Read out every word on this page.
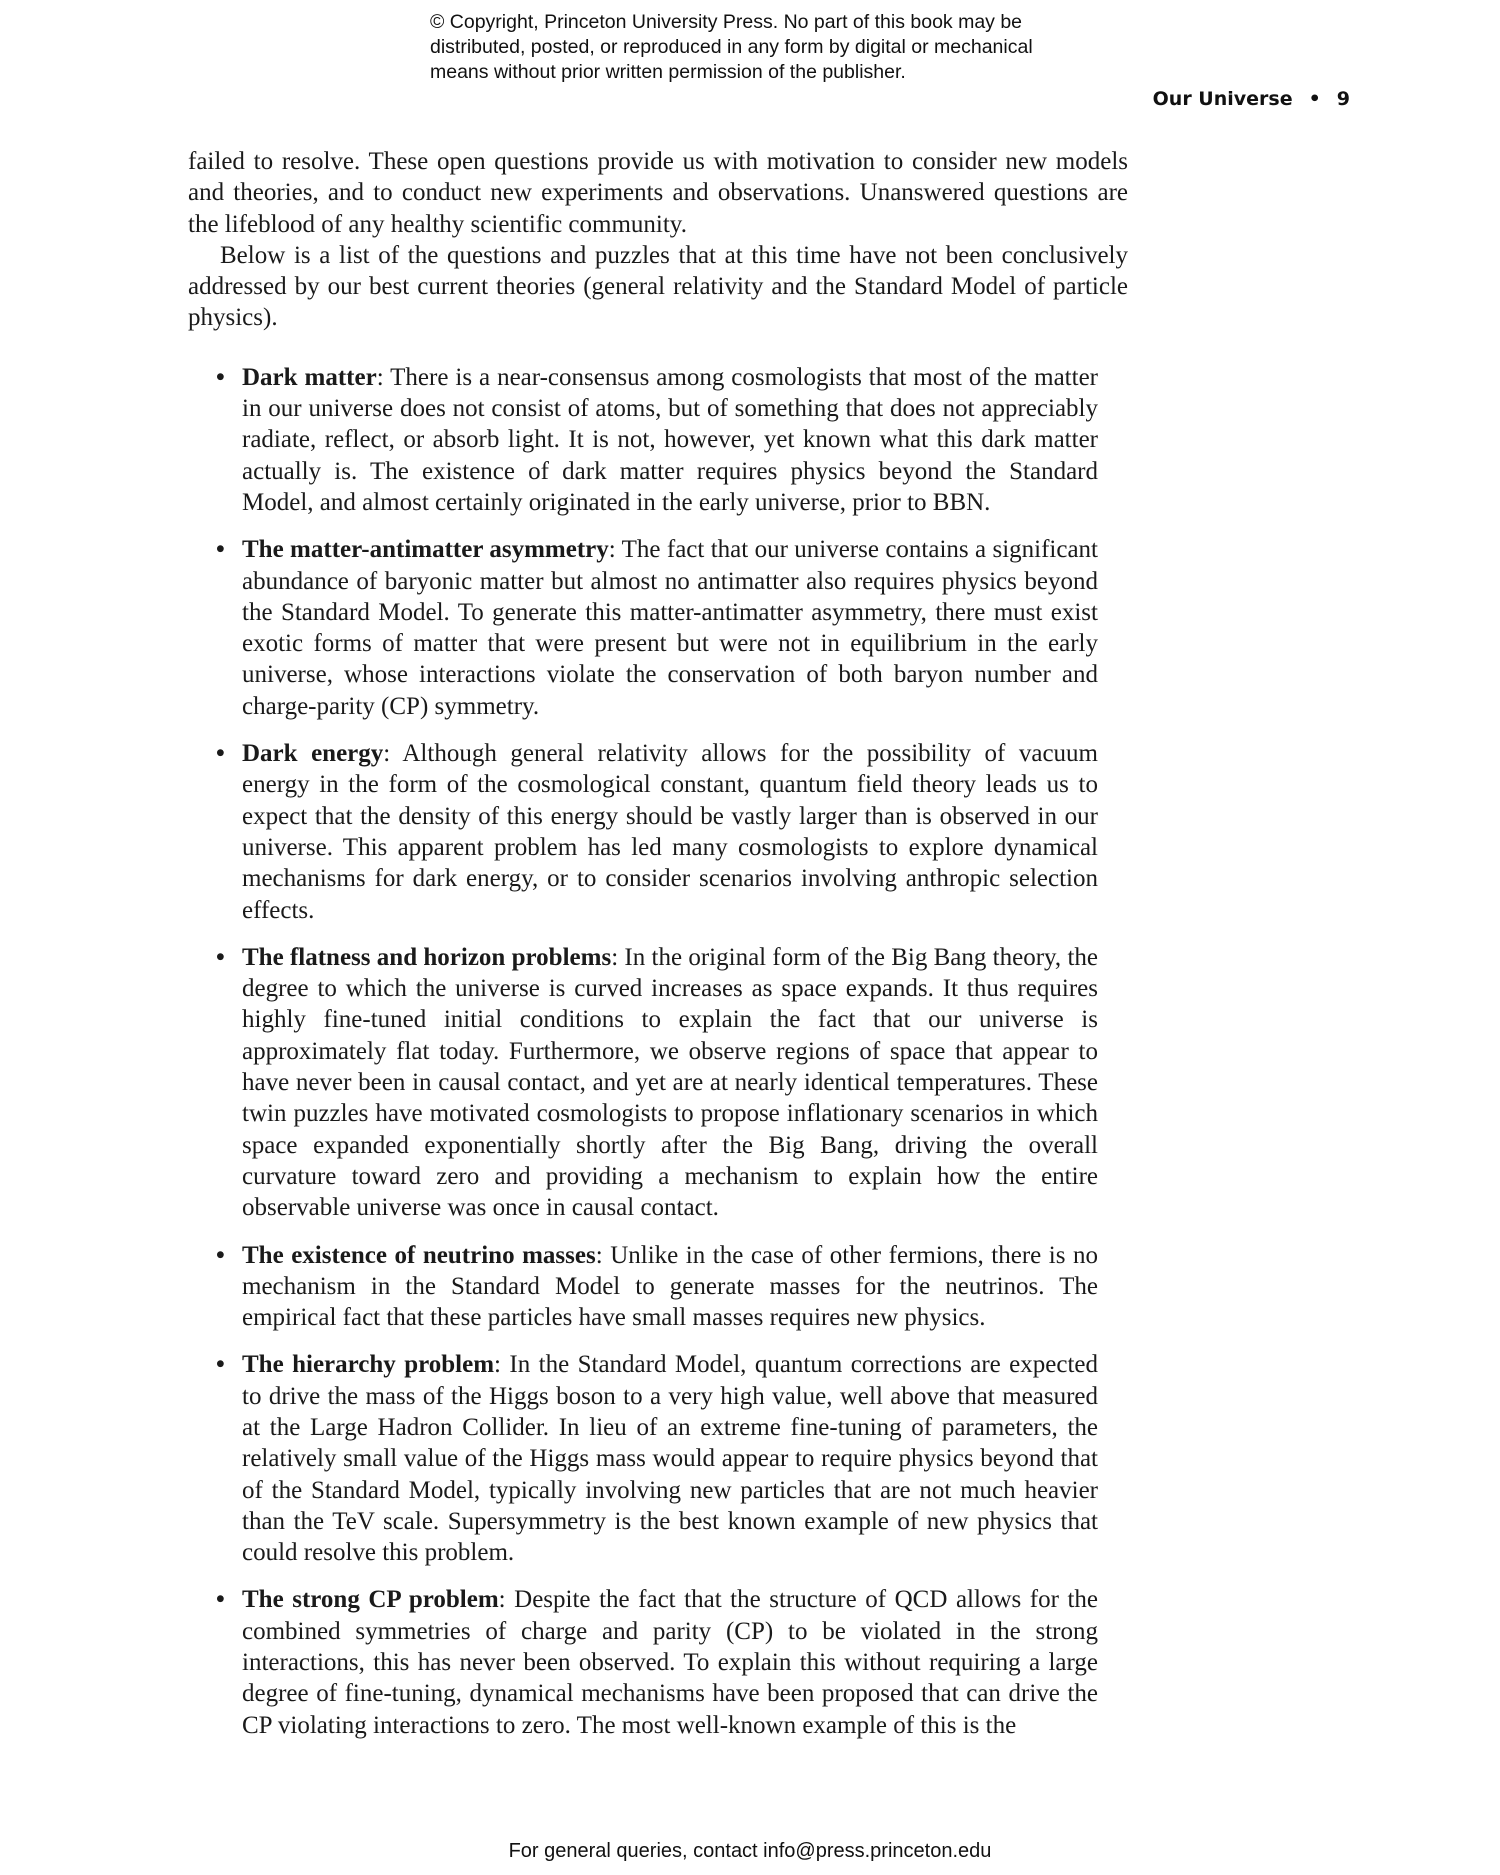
© Copyright, Princeton University Press. No part of this book may be
distributed, posted, or reproduced in any form by digital or mechanical
means without prior written permission of the publisher.
Our Universe • 9

failed to resolve. These open questions provide us with motivation to consider new models and theories, and to conduct new experiments and observations. Unanswered questions are the lifeblood of any healthy scientific community.

Below is a list of the questions and puzzles that at this time have not been conclusively addressed by our best current theories (general relativity and the Standard Model of particle physics).

• Dark matter: There is a near-consensus among cosmologists that most of the matter in our universe does not consist of atoms, but of something that does not appreciably radiate, reflect, or absorb light. It is not, however, yet known what this dark matter actually is. The existence of dark matter requires physics beyond the Standard Model, and almost certainly originated in the early universe, prior to BBN.
• The matter-antimatter asymmetry: The fact that our universe contains a significant abundance of baryonic matter but almost no antimatter also requires physics beyond the Standard Model. To generate this matter-antimatter asymmetry, there must exist exotic forms of matter that were present but were not in equilibrium in the early universe, whose interactions violate the conservation of both baryon number and charge-parity (CP) symmetry.
• Dark energy: Although general relativity allows for the possibility of vacuum energy in the form of the cosmological constant, quantum field theory leads us to expect that the density of this energy should be vastly larger than is observed in our universe. This apparent problem has led many cosmologists to explore dynamical mechanisms for dark energy, or to consider scenarios involving anthropic selection effects.
• The flatness and horizon problems: In the original form of the Big Bang theory, the degree to which the universe is curved increases as space expands. It thus requires highly fine-tuned initial conditions to explain the fact that our universe is approximately flat today. Furthermore, we observe regions of space that appear to have never been in causal contact, and yet are at nearly identical temperatures. These twin puzzles have motivated cosmologists to propose inflationary scenarios in which space expanded exponentially shortly after the Big Bang, driving the overall curvature toward zero and providing a mechanism to explain how the entire observable universe was once in causal contact.
• The existence of neutrino masses: Unlike in the case of other fermions, there is no mechanism in the Standard Model to generate masses for the neutrinos. The empirical fact that these particles have small masses requires new physics.
• The hierarchy problem: In the Standard Model, quantum corrections are expected to drive the mass of the Higgs boson to a very high value, well above that measured at the Large Hadron Collider. In lieu of an extreme fine-tuning of parameters, the relatively small value of the Higgs mass would appear to require physics beyond that of the Standard Model, typically involving new particles that are not much heavier than the TeV scale. Supersymmetry is the best known example of new physics that could resolve this problem.
• The strong CP problem: Despite the fact that the structure of QCD allows for the combined symmetries of charge and parity (CP) to be violated in the strong interactions, this has never been observed. To explain this without requiring a large degree of fine-tuning, dynamical mechanisms have been proposed that can drive the CP violating interactions to zero. The most well-known example of this is the
For general queries, contact info@press.princeton.edu
